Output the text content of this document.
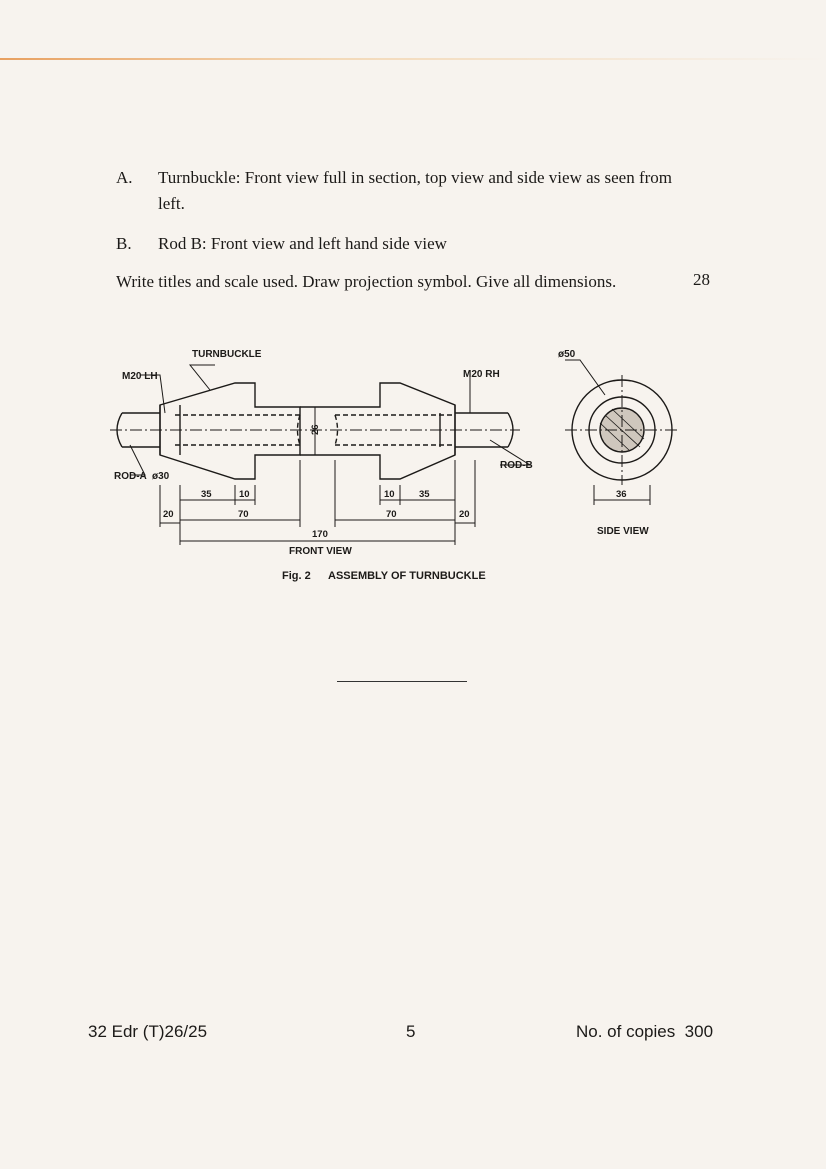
A. Turnbuckle: Front view full in section, top view and side view as seen from
left.
B. Rod B: Front view and left hand side view
Write titles and scale used. Draw projection symbol. Give all dimensions.	28
TURNBUCKLE
M20 LH	M20 RH
ROD-A ø30
ROD-B
ø50
26
35	10
70
20
10	35
70	20
170
36
FRONT VIEW
SIDE VIEW
Fig. 2 ASSEMBLY OF TURNBUCKLE
32 Edr (T)26/25	5	No. of copies  300
